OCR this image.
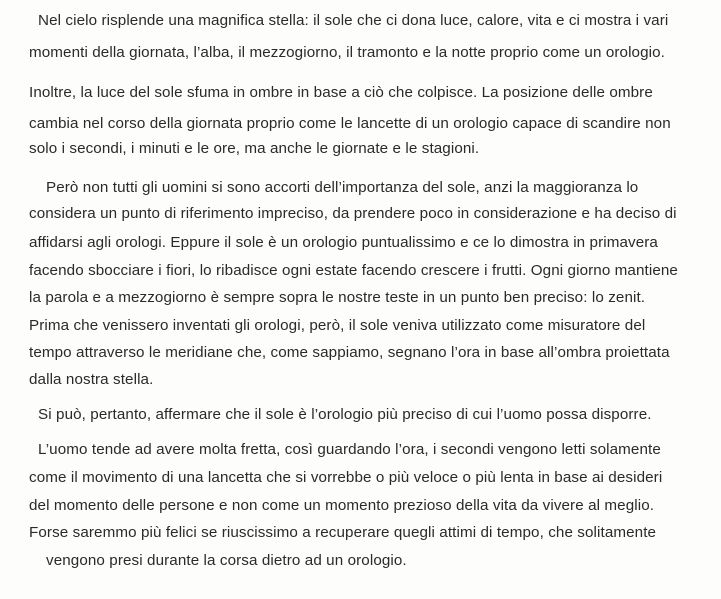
Nel cielo risplende una magnifica stella: il sole che ci dona luce, calore, vita e ci mostra i vari
momenti della giornata, l’alba, il mezzogiorno, il tramonto e la notte proprio come un orologio.
Inoltre, la luce del sole sfuma in ombre in base a ciò che colpisce. La posizione delle ombre
cambia nel corso della giornata proprio come le lancette di un orologio capace di scandire non
solo i secondi, i minuti e le ore, ma anche le giornate e le stagioni.
Però non tutti gli uomini si sono accorti dell’importanza del sole, anzi la maggioranza lo
considera un punto di riferimento impreciso, da prendere poco in considerazione e ha deciso di
affidarsi agli orologi. Eppure il sole è un orologio puntualissimo e ce lo dimostra in primavera
facendo sbocciare i fiori, lo ribadisce ogni estate facendo crescere i frutti. Ogni giorno mantiene
la parola e a mezzogiorno è sempre sopra le nostre teste in un punto ben preciso: lo zenit.
Prima che venissero inventati gli orologi, però, il sole veniva utilizzato come misuratore del
tempo attraverso le meridiane che, come sappiamo, segnano l’ora in base all’ombra proiettata
dalla nostra stella.
Si può, pertanto, affermare che il sole è l’orologio più preciso di cui l’uomo possa disporre.
L’uomo tende ad avere molta fretta, così guardando l’ora, i secondi vengono letti solamente
come il movimento di una lancetta che si vorrebbe o più veloce o più lenta in base ai desideri
del momento delle persone e non come un momento prezioso della vita da vivere al meglio.
Forse saremmo più felici se riuscissimo a recuperare quegli attimi di tempo, che solitamente
vengono presi durante la corsa dietro ad un orologio.
